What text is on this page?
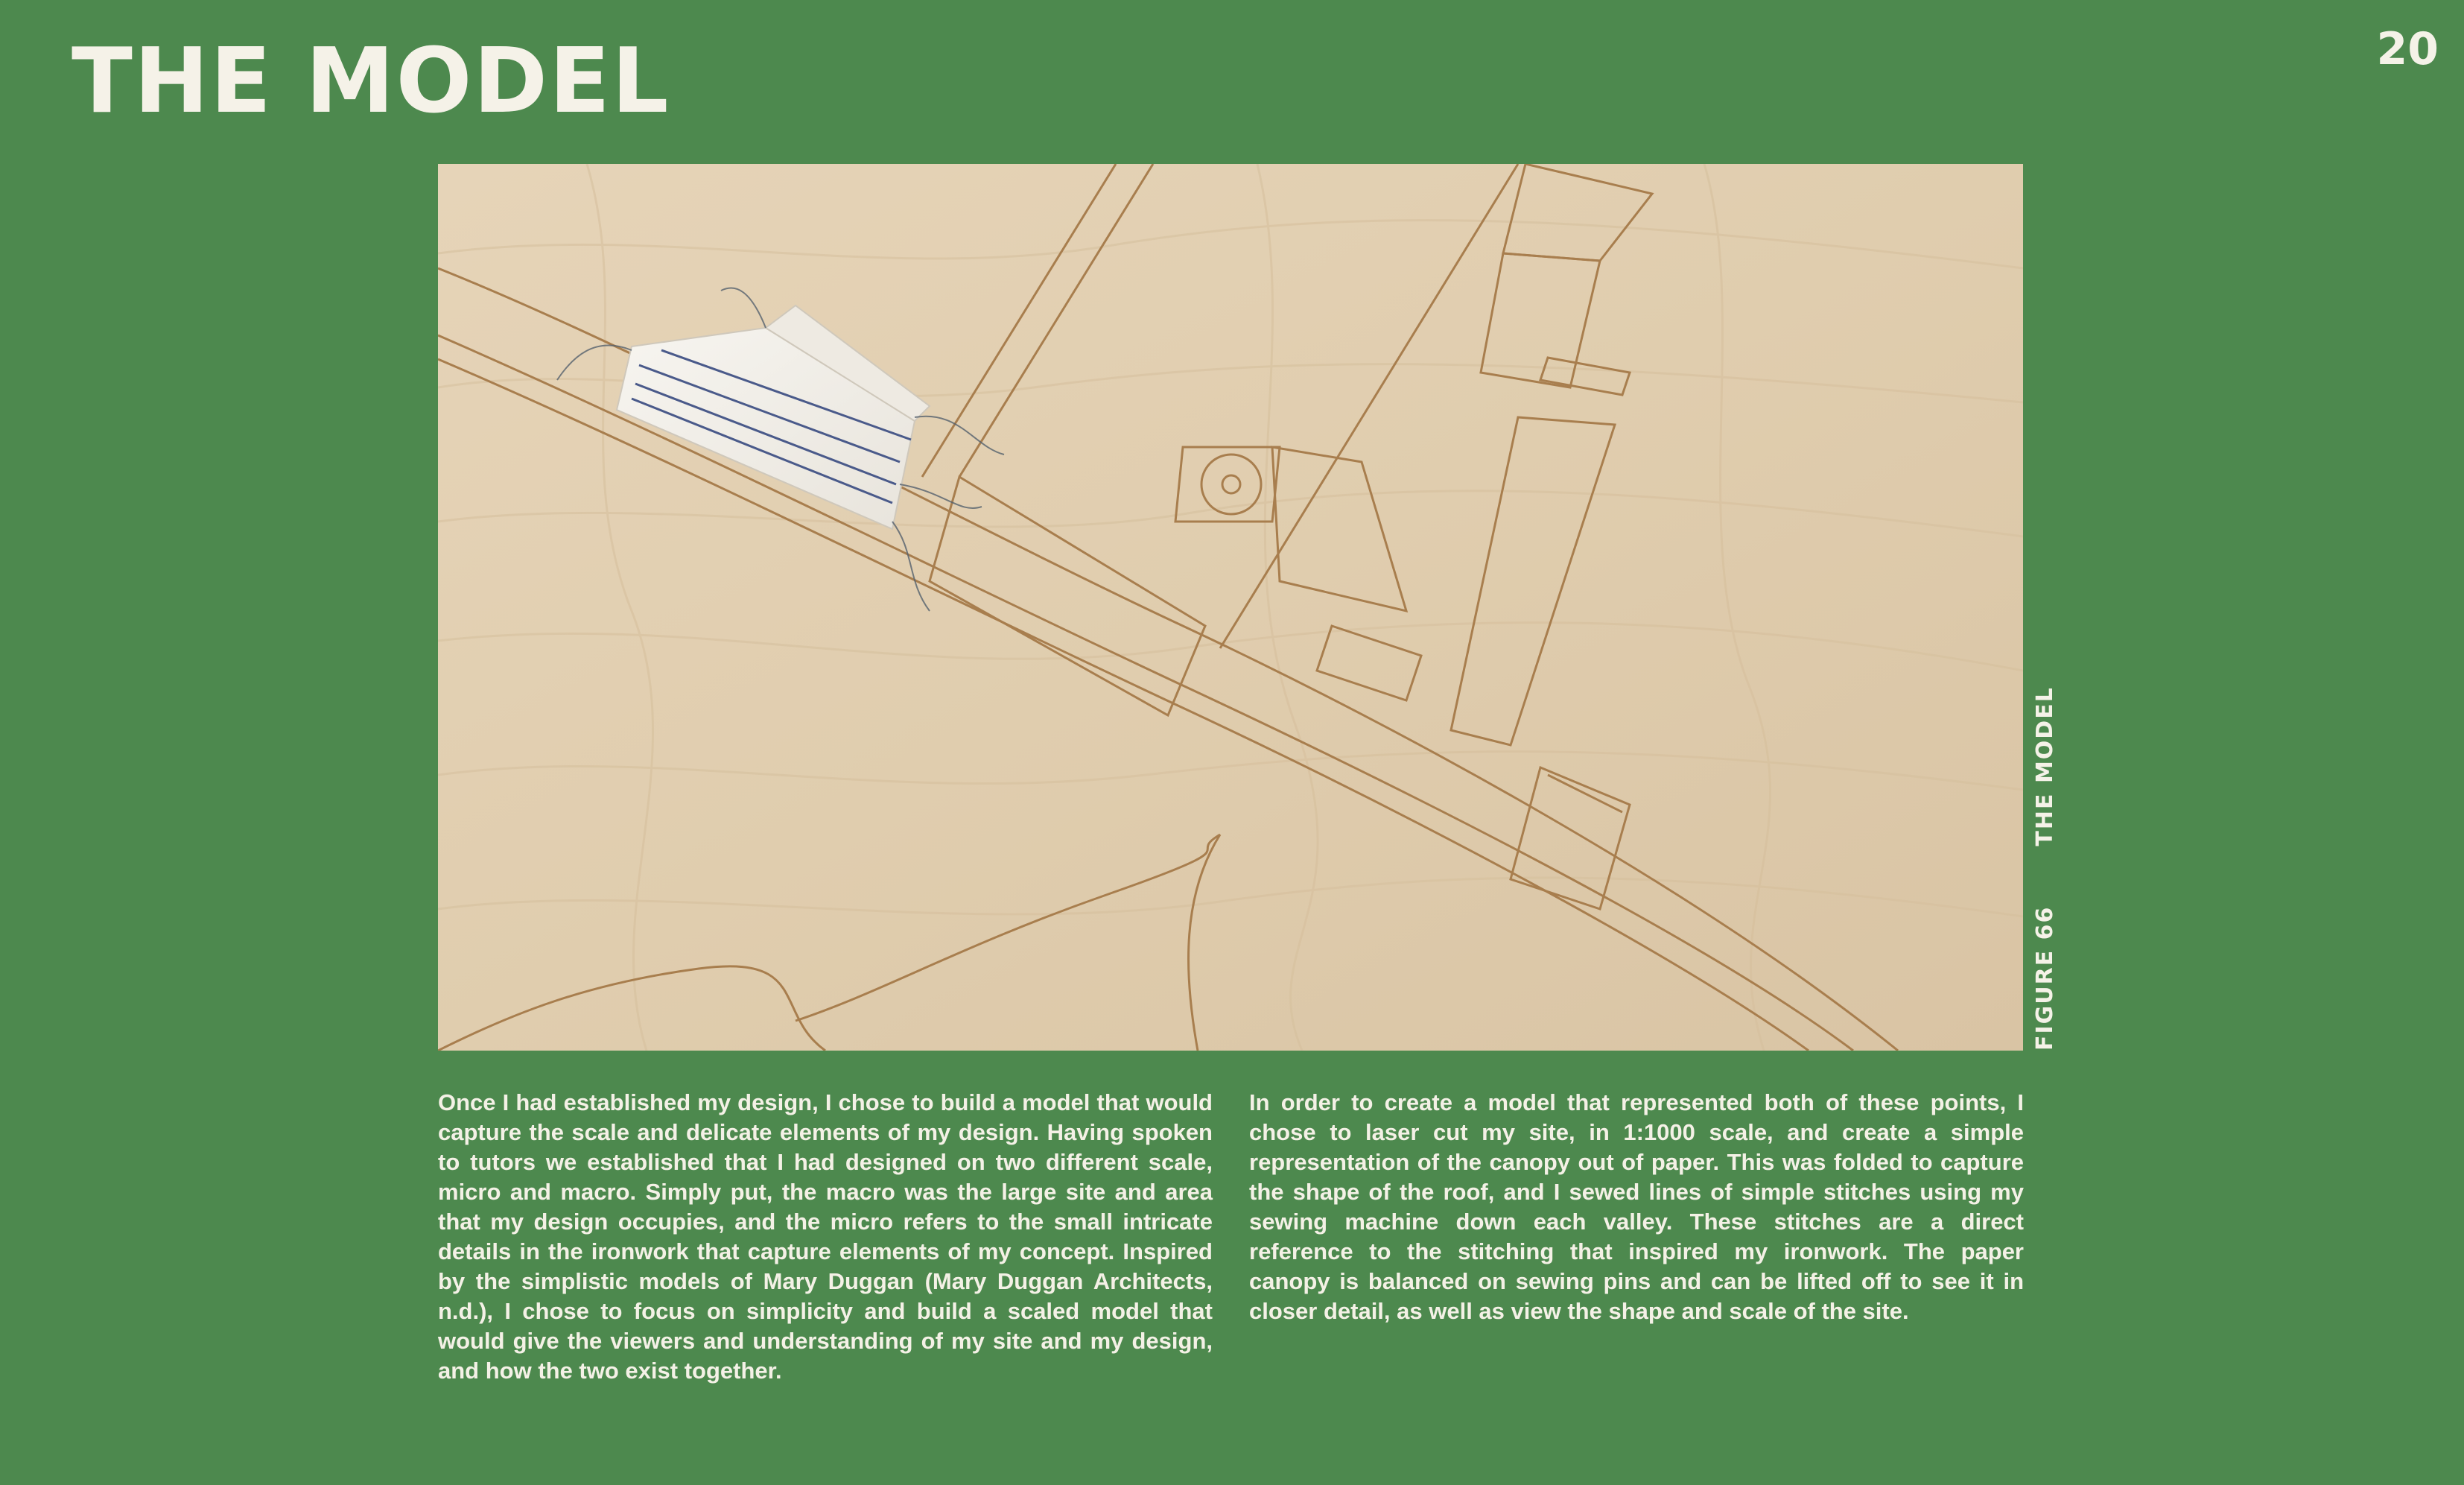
THE MODEL	20
FIGURE 66
THE MODEL

Once I had established my design, I chose to build a model that would capture the scale and delicate elements of my design. Having spoken to tutors we established that I had designed on two different scale, micro and macro. Simply put, the macro was the large site and area that my design occupies, and the micro refers to the small intricate details in the ironwork that capture elements of my concept. Inspired by the simplistic models of Mary Duggan (Mary Duggan Architects, n.d.), I chose to focus on simplicity and build a scaled model that would give the viewers and understanding of my site and my design, and how the two exist together.

In order to create a model that represented both of these points, I chose to laser cut my site, in 1:1000 scale, and create a simple representation of the canopy out of paper. This was folded to capture the shape of the roof, and I sewed lines of simple stitches using my sewing machine down each valley. These stitches are a direct reference to the stitching that inspired my ironwork. The paper canopy is balanced on sewing pins and can be lifted off to see it in closer detail, as well as view the shape and scale of the site.
